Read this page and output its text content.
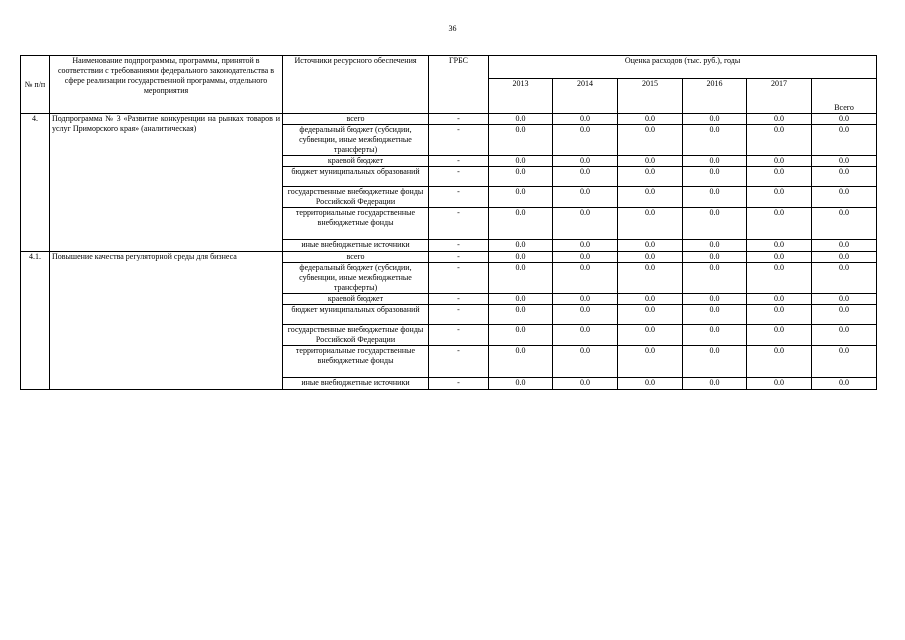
36
№ п/п	Наименование подпрограммы, программы, принятой в соответствии с требованиями федерального законодательства в сфере реализации государственной программы, отдельного мероприятия	Источники ресурсного обеспечения	ГРБС	Оценка расходов (тыс. руб.), годы					
				2013	2014	2015	2016	2017	Всего
4.	Подпрограмма № 3 «Развитие конкуренции на рынках товаров и услуг Приморского края» (аналитическая)	всего	-	0.0	0.0	0.0	0.0	0.0	0.0
		федеральный бюджет (субсидии, субвенции, иные межбюджетные трансферты)	-	0.0	0.0	0.0	0.0	0.0	0.0
		краевой бюджет	-	0.0	0.0	0.0	0.0	0.0	0.0
		бюджет муниципальных образований	-	0.0	0.0	0.0	0.0	0.0	0.0
		государственные внебюджетные фонды Российской Федерации	-	0.0	0.0	0.0	0.0	0.0	0.0
		территориальные государственные внебюджетные фонды	-	0.0	0.0	0.0	0.0	0.0	0.0
		иные внебюджетные источники	-	0.0	0.0	0.0	0.0	0.0	0.0
4.1.	Повышение качества регуляторной среды для бизнеса	всего	-	0.0	0.0	0.0	0.0	0.0	0.0
		федеральный бюджет (субсидии, субвенции, иные межбюджетные трансферты)	-	0.0	0.0	0.0	0.0	0.0	0.0
		краевой бюджет	-	0.0	0.0	0.0	0.0	0.0	0.0
		бюджет муниципальных образований	-	0.0	0.0	0.0	0.0	0.0	0.0
		государственные внебюджетные фонды Российской Федерации	-	0.0	0.0	0.0	0.0	0.0	0.0
		территориальные государственные внебюджетные фонды	-	0.0	0.0	0.0	0.0	0.0	0.0
		иные внебюджетные источники	-	0.0	0.0	0.0	0.0	0.0	0.0
